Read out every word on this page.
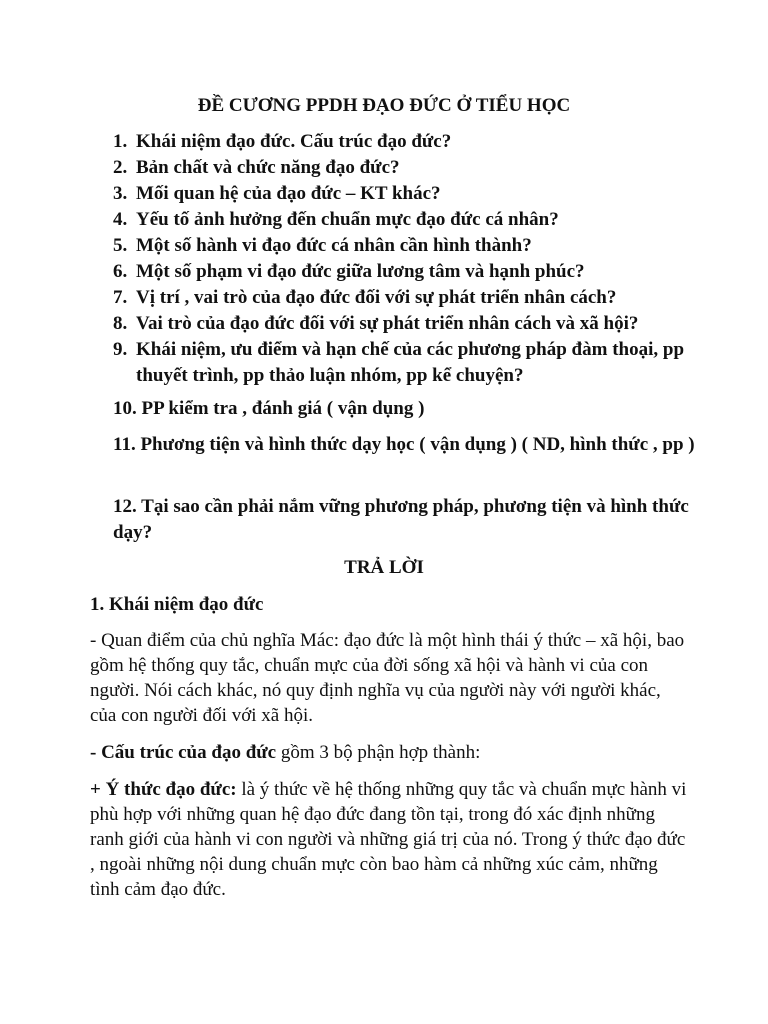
ĐỀ CƯƠNG PPDH ĐẠO ĐỨC Ở TIỂU HỌC
1. Khái niệm đạo đức. Cấu trúc đạo đức?
2. Bản chất và chức năng đạo đức?
3. Mối quan hệ của đạo đức – KT khác?
4. Yếu tố ảnh hưởng đến chuẩn mực đạo đức cá nhân?
5. Một số hành vi đạo đức cá nhân cần hình thành?
6. Một số phạm vi đạo đức giữa lương tâm và hạnh phúc?
7. Vị trí , vai trò của đạo đức đối với sự phát triển nhân cách?
8. Vai trò của đạo đức đối với sự phát triển nhân cách và xã hội?
9. Khái niệm, ưu điểm và hạn chế của các phương pháp đàm thoại, pp thuyết trình, pp thảo luận nhóm, pp kể chuyện?
10. PP kiểm tra , đánh giá ( vận dụng )
11. Phương tiện và hình thức dạy học ( vận dụng ) ( ND, hình thức , pp )
12. Tại sao cần phải nắm vững phương pháp, phương tiện và hình thức dạy?
TRẢ LỜI
1. Khái niệm đạo đức
- Quan điểm của chủ nghĩa Mác: đạo đức là một hình thái ý thức – xã hội, bao gồm hệ thống quy tắc, chuẩn mực của đời sống xã hội và hành vi của con người. Nói cách khác, nó quy định nghĩa vụ của người này với người khác, của con người đối với xã hội.
- Cấu trúc của đạo đức gồm 3 bộ phận hợp thành:
+ Ý thức đạo đức: là ý thức về hệ thống những quy tắc và chuẩn mực hành vi phù hợp với những quan hệ đạo đức đang tồn tại, trong đó xác định những ranh giới của hành vi con người và những giá trị của nó. Trong ý thức đạo đức , ngoài những nội dung chuẩn mực còn bao hàm cả những xúc cảm, những tình cảm đạo đức.
